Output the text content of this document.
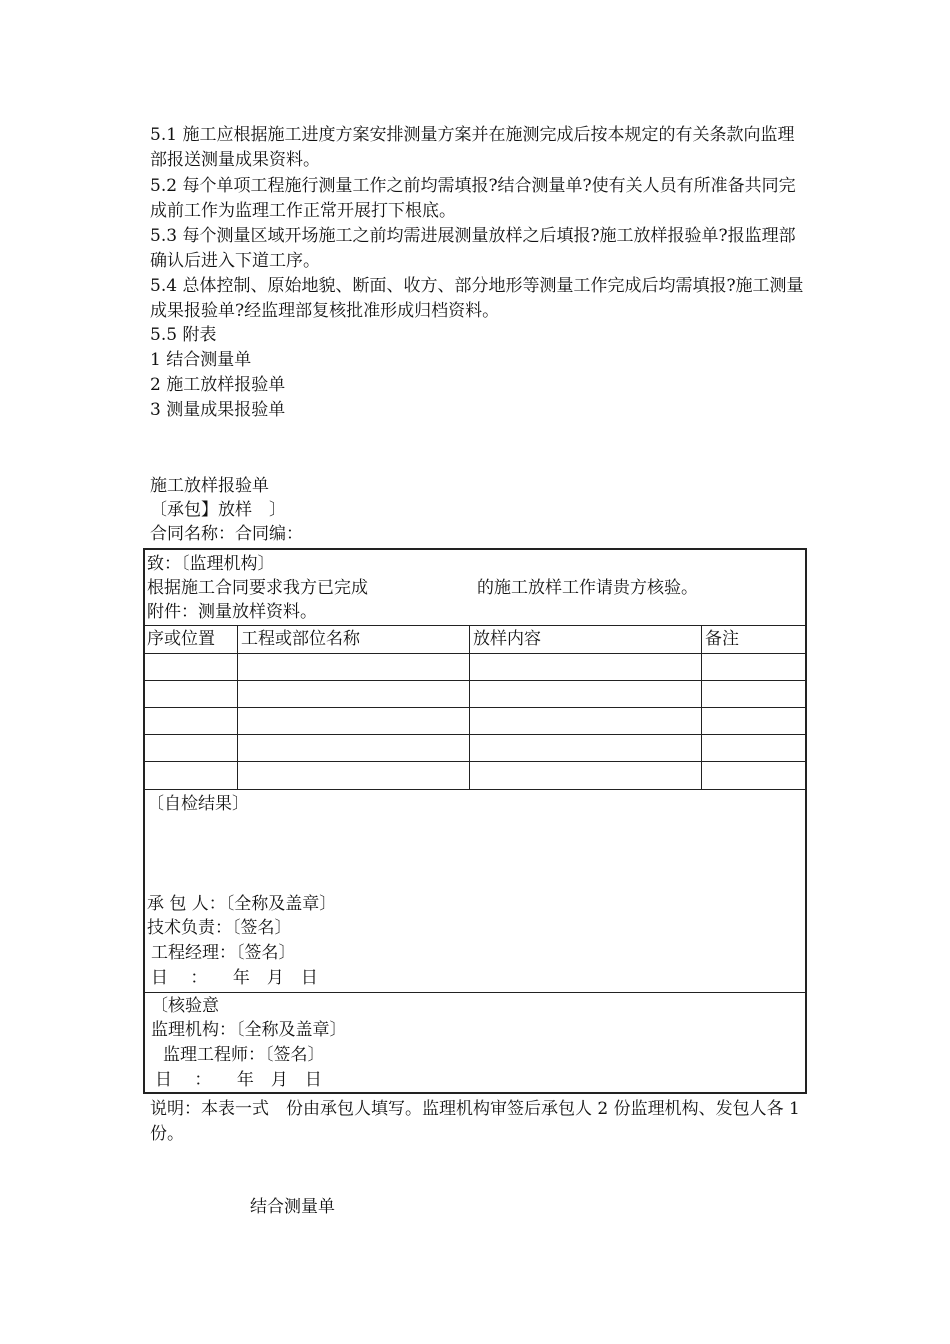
5.1 施工应根据施工进度方案安排测量方案并在施测完成后按本规定的有关条款向监理部报送测量成果资料。

5.2 每个单项工程施行测量工作之前均需填报?结合测量单?使有关人员有所准备共同完成前工作为监理工作正常开展打下根底。

5.3 每个测量区域开场施工之前均需进展测量放样之后填报?施工放样报验单?报监理部确认后进入下道工序。

5.4 总体控制、原始地貌、断面、收方、部分地形等测量工作完成后均需填报?施工测量成果报验单?经监理部复核批准形成归档资料。

5.5 附表

1 结合测量单

2 施工放样报验单

3 测量成果报验单

施工放样报验单

〔承包】放样　〕

合同名称：合同编：

致：〔监理机构〕
根据施工合同要求我方已完成	的施工放样工作请贵方核验。
附件：测量放样资料。
序或位置 工程或部位名称	放样内容	备注
〔自检结果〕
承 包 人：〔全称及盖章〕
技术负责：〔签名〕
工程经理：〔签名〕
日　 ：　　年　月　日
〔核验意
监理机构：〔全称及盖章〕
监理工程师：〔签名〕
日　 ：　　年　月　日

说明：本表一式　份由承包人填写。监理机构审签后承包人 2 份监理机构、发包人各 1 份。

结合测量单
